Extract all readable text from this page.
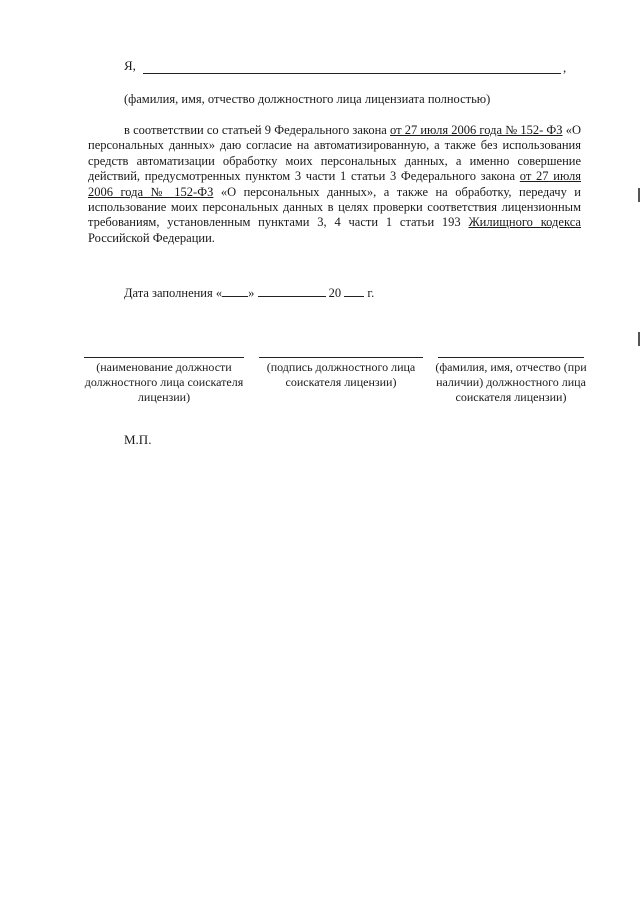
Я,	,
(фамилия, имя, отчество должностного лица лицензиата полностью)
в соответствии со статьей 9 Федерального закона от 27 июля 2006 года № 152- ФЗ «О персональных данных» даю согласие на автоматизированную, а также без использования средств автоматизации обработку моих персональных данных, а именно совершение действий, предусмотренных пунктом 3 части 1 статьи 3 Федерального закона от 27 июля 2006 года № 152-ФЗ «О персональных данных», а также на обработку, передачу и использование моих персональных данных в целях проверки соответствия лицензионным требованиям, установленным пунктами 3, 4 части 1 статьи 193 Жилищного кодекса Российской Федерации.
Дата заполнения « »	20 г.
(наименование должности должностного лица соискателя лицензии)
(подпись должностного лица соискателя лицензии)
(фамилия, имя, отчество (при наличии) должностного лица соискателя лицензии)
М.П.
